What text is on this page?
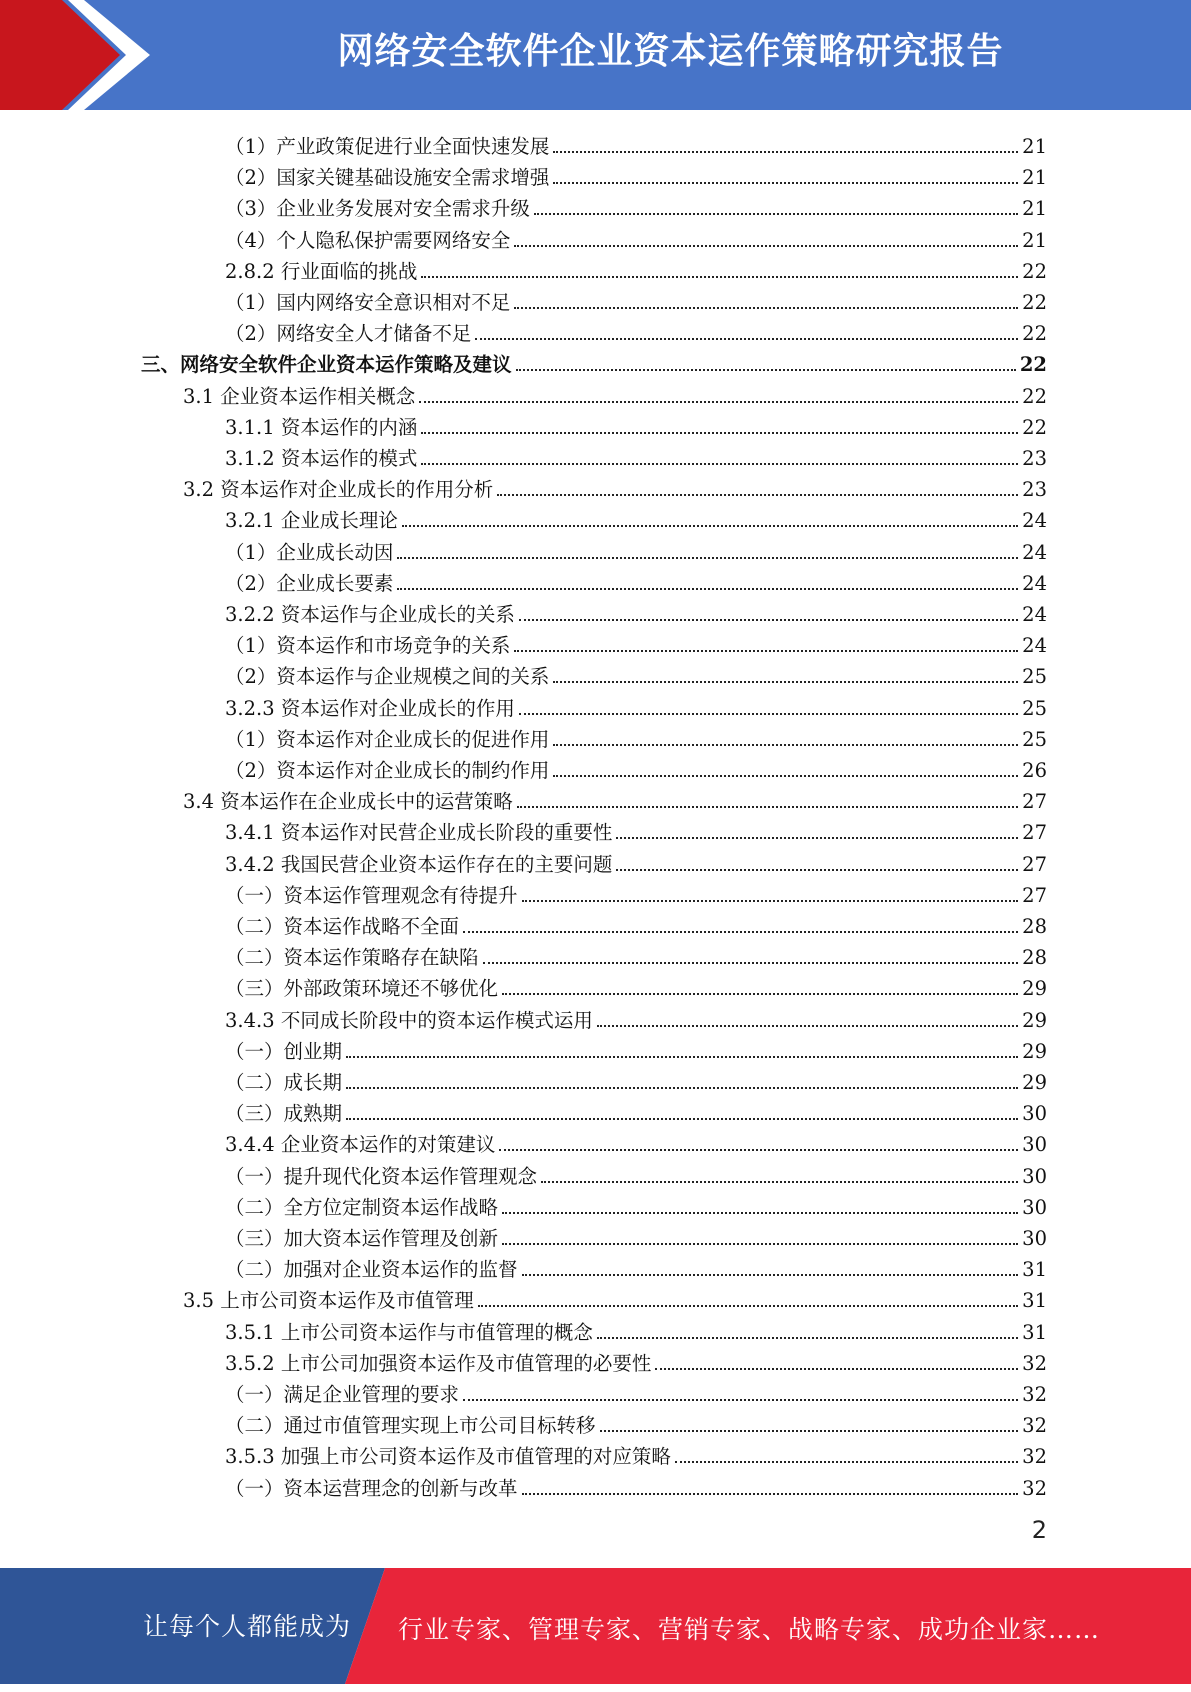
网络安全软件企业资本运作策略研究报告
（1）产业政策促进行业全面快速发展	21
（2）国家关键基础设施安全需求增强	21
（3）企业业务发展对安全需求升级	21
（4）个人隐私保护需要网络安全	21
2.8.2 行业面临的挑战	22
（1）国内网络安全意识相对不足	22
（2）网络安全人才储备不足	22
三、网络安全软件企业资本运作策略及建议	22
3.1 企业资本运作相关概念	22
3.1.1 资本运作的内涵	22
3.1.2 资本运作的模式	23
3.2 资本运作对企业成长的作用分析	23
3.2.1 企业成长理论	24
（1）企业成长动因	24
（2）企业成长要素	24
3.2.2 资本运作与企业成长的关系	24
（1）资本运作和市场竞争的关系	24
（2）资本运作与企业规模之间的关系	25
3.2.3 资本运作对企业成长的作用	25
（1）资本运作对企业成长的促进作用	25
（2）资本运作对企业成长的制约作用	26
3.4 资本运作在企业成长中的运营策略	27
3.4.1 资本运作对民营企业成长阶段的重要性	27
3.4.2 我国民营企业资本运作存在的主要问题	27
（一）资本运作管理观念有待提升	27
（二）资本运作战略不全面	28
（二）资本运作策略存在缺陷	28
（三）外部政策环境还不够优化	29
3.4.3 不同成长阶段中的资本运作模式运用	29
（一）创业期	29
（二）成长期	29
（三）成熟期	30
3.4.4 企业资本运作的对策建议	30
（一）提升现代化资本运作管理观念	30
（二）全方位定制资本运作战略	30
（三）加大资本运作管理及创新	30
（二）加强对企业资本运作的监督	31
3.5 上市公司资本运作及市值管理	31
3.5.1 上市公司资本运作与市值管理的概念	31
3.5.2 上市公司加强资本运作及市值管理的必要性	32
（一）满足企业管理的要求	32
（二）通过市值管理实现上市公司目标转移	32
3.5.3 加强上市公司资本运作及市值管理的对应策略	32
（一）资本运营理念的创新与改革	32
2
让每个人都能成为 行业专家、管理专家、营销专家、战略专家、成功企业家……
